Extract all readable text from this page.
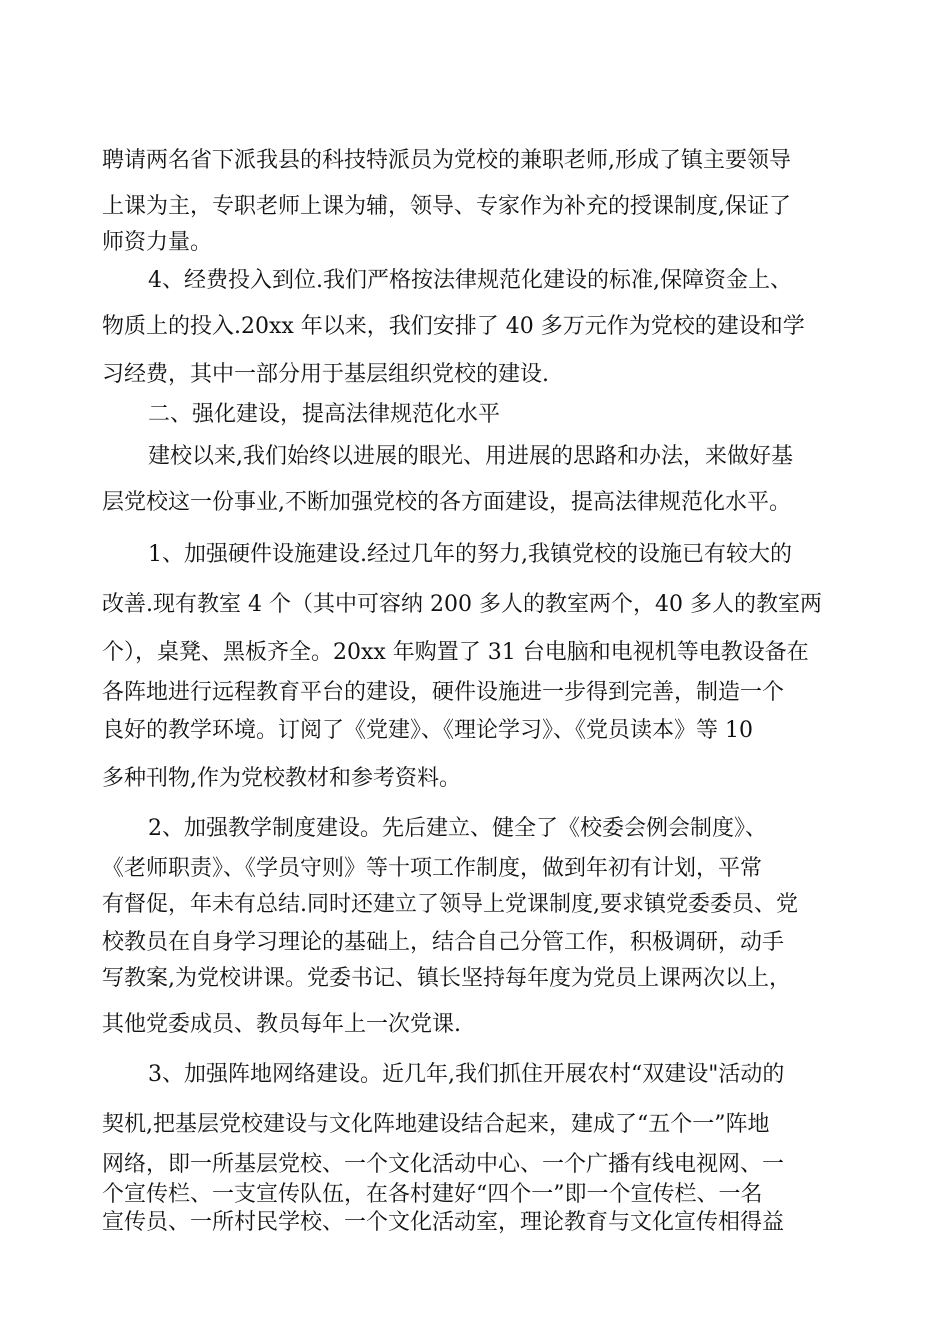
聘请两名省下派我县的科技特派员为党校的兼职老师,形成了镇主要领导
上课为主，专职老师上课为辅，领导、专家作为补充的授课制度,保证了
师资力量。
4、经费投入到位.我们严格按法律规范化建设的标准,保障资金上、
物质上的投入.20xx 年以来，我们安排了 40 多万元作为党校的建设和学
习经费，其中一部分用于基层组织党校的建设.
二、强化建设，提高法律规范化水平
建校以来,我们始终以进展的眼光、用进展的思路和办法，来做好基
层党校这一份事业,不断加强党校的各方面建设，提高法律规范化水平。
1、加强硬件设施建设.经过几年的努力,我镇党校的设施已有较大的
改善.现有教室 4 个（其中可容纳 200 多人的教室两个，40 多人的教室两
个），桌凳、黑板齐全。20xx 年购置了 31 台电脑和电视机等电教设备在
各阵地进行远程教育平台的建设，硬件设施进一步得到完善，制造一个
良好的教学环境。订阅了《党建》、《理论学习》、《党员读本》等 10
多种刊物,作为党校教材和参考资料。
2、加强教学制度建设。先后建立、健全了《校委会例会制度》、
《老师职责》、《学员守则》等十项工作制度，做到年初有计划，平常
有督促，年未有总结.同时还建立了领导上党课制度,要求镇党委委员、党
校教员在自身学习理论的基础上，结合自己分管工作，积极调研，动手
写教案,为党校讲课。党委书记、镇长坚持每年度为党员上课两次以上，
其他党委成员、教员每年上一次党课.
3、加强阵地网络建设。近几年,我们抓住开展农村“双建设"活动的
契机,把基层党校建设与文化阵地建设结合起来，建成了“五个一”阵地
网络，即一所基层党校、一个文化活动中心、一个广播有线电视网、一
个宣传栏、一支宣传队伍，在各村建好“四个一”即一个宣传栏、一名
宣传员、一所村民学校、一个文化活动室，理论教育与文化宣传相得益
